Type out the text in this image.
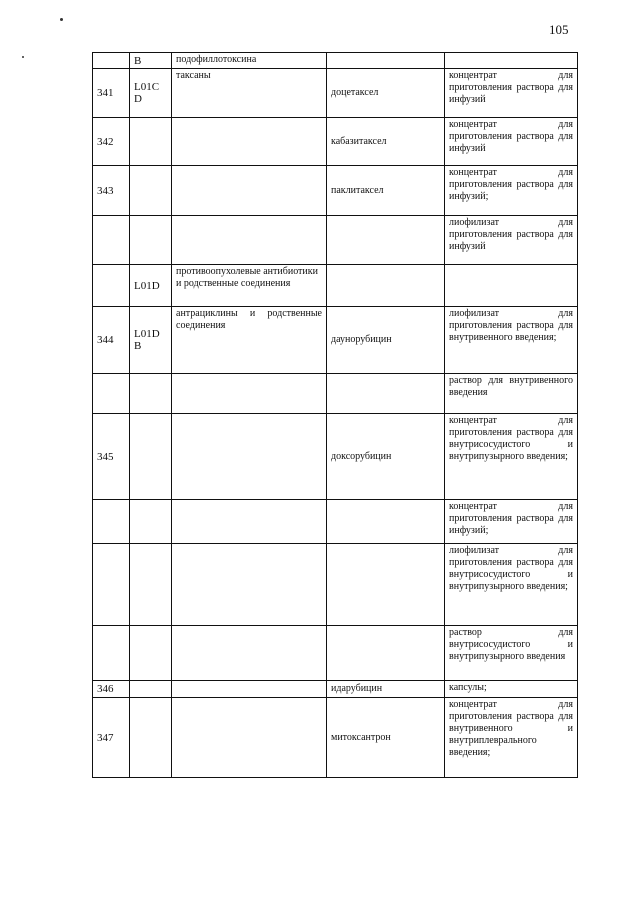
105
	В	подофиллотоксина		
341	L01C D	таксаны	доцетаксел	концентрат для приготовления раствора для инфузий
342			кабазитаксел	концентрат для приготовления раствора для инфузий
343			паклитаксел	концентрат для приготовления раствора для инфузий;
				лиофилизат для приготовления раствора для инфузий
	L01D	противоопухолевые антибиотики и родственные соединения		
344	L01D В	антрациклины и родственные соединения	даунорубицин	лиофилизат для приготовления раствора для внутривенного введения;
				раствор для внутривенного введения
345			доксорубицин	концентрат для приготовления раствора для внутрисосудистого и внутрипузырного введения;
				концентрат для приготовления раствора для инфузий;
				лиофилизат для приготовления раствора для внутрисосудистого и внутрипузырного введения;
				раствор для внутрисосудистого и внутрипузырного введения
346			идарубицин	капсулы;
347			митоксантрон	концентрат для приготовления раствора для внутривенного и внутриплеврального введения;
